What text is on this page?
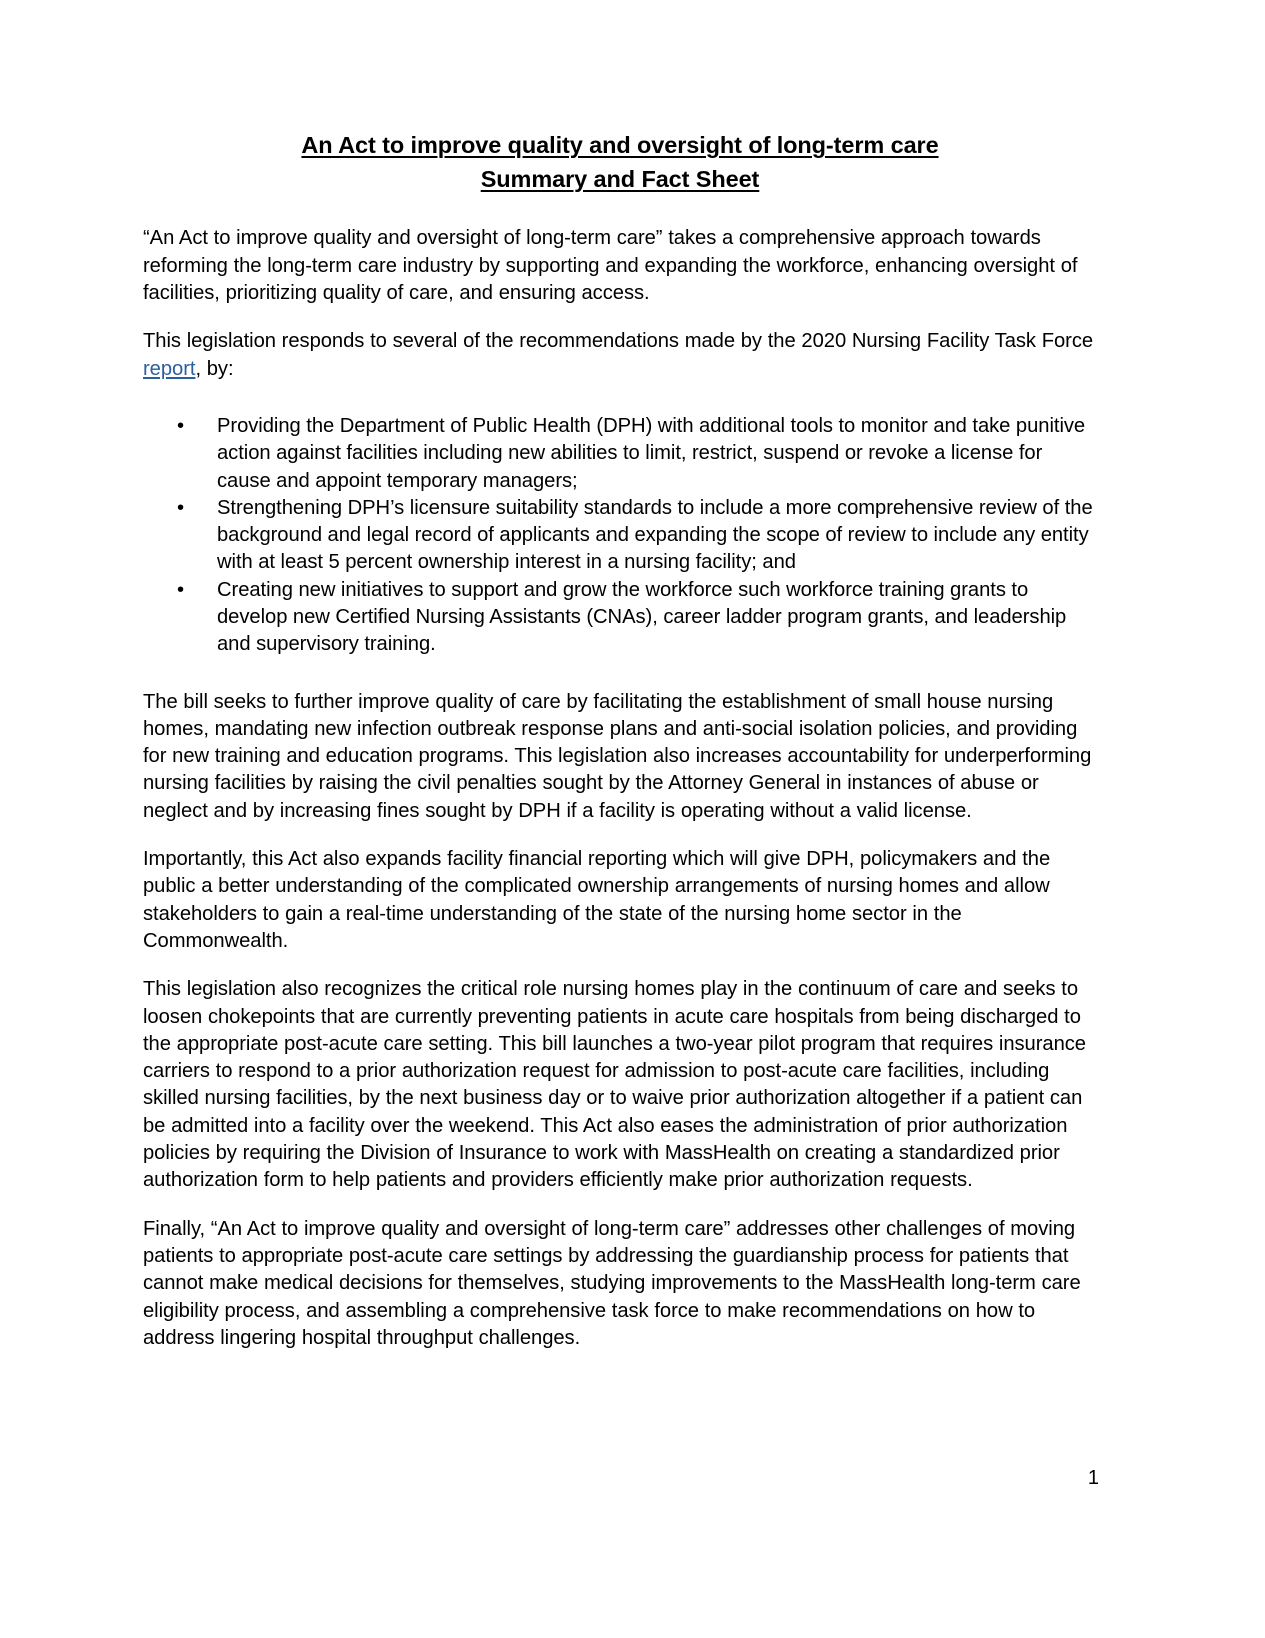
An Act to improve quality and oversight of long-term care
Summary and Fact Sheet

“An Act to improve quality and oversight of long-term care” takes a comprehensive approach towards reforming the long-term care industry by supporting and expanding the workforce, enhancing oversight of facilities, prioritizing quality of care, and ensuring access.

This legislation responds to several of the recommendations made by the 2020 Nursing Facility Task Force report, by:

• Providing the Department of Public Health (DPH) with additional tools to monitor and take punitive action against facilities including new abilities to limit, restrict, suspend or revoke a license for cause and appoint temporary managers;
• Strengthening DPH’s licensure suitability standards to include a more comprehensive review of the background and legal record of applicants and expanding the scope of review to include any entity with at least 5 percent ownership interest in a nursing facility; and
• Creating new initiatives to support and grow the workforce such workforce training grants to develop new Certified Nursing Assistants (CNAs), career ladder program grants, and leadership and supervisory training.

The bill seeks to further improve quality of care by facilitating the establishment of small house nursing homes, mandating new infection outbreak response plans and anti-social isolation policies, and providing for new training and education programs. This legislation also increases accountability for underperforming nursing facilities by raising the civil penalties sought by the Attorney General in instances of abuse or neglect and by increasing fines sought by DPH if a facility is operating without a valid license.

Importantly, this Act also expands facility financial reporting which will give DPH, policymakers and the public a better understanding of the complicated ownership arrangements of nursing homes and allow stakeholders to gain a real-time understanding of the state of the nursing home sector in the Commonwealth.

This legislation also recognizes the critical role nursing homes play in the continuum of care and seeks to loosen chokepoints that are currently preventing patients in acute care hospitals from being discharged to the appropriate post-acute care setting. This bill launches a two-year pilot program that requires insurance carriers to respond to a prior authorization request for admission to post-acute care facilities, including skilled nursing facilities, by the next business day or to waive prior authorization altogether if a patient can be admitted into a facility over the weekend. This Act also eases the administration of prior authorization policies by requiring the Division of Insurance to work with MassHealth on creating a standardized prior authorization form to help patients and providers efficiently make prior authorization requests.

Finally, “An Act to improve quality and oversight of long-term care” addresses other challenges of moving patients to appropriate post-acute care settings by addressing the guardianship process for patients that cannot make medical decisions for themselves, studying improvements to the MassHealth long-term care eligibility process, and assembling a comprehensive task force to make recommendations on how to address lingering hospital throughput challenges.

1
